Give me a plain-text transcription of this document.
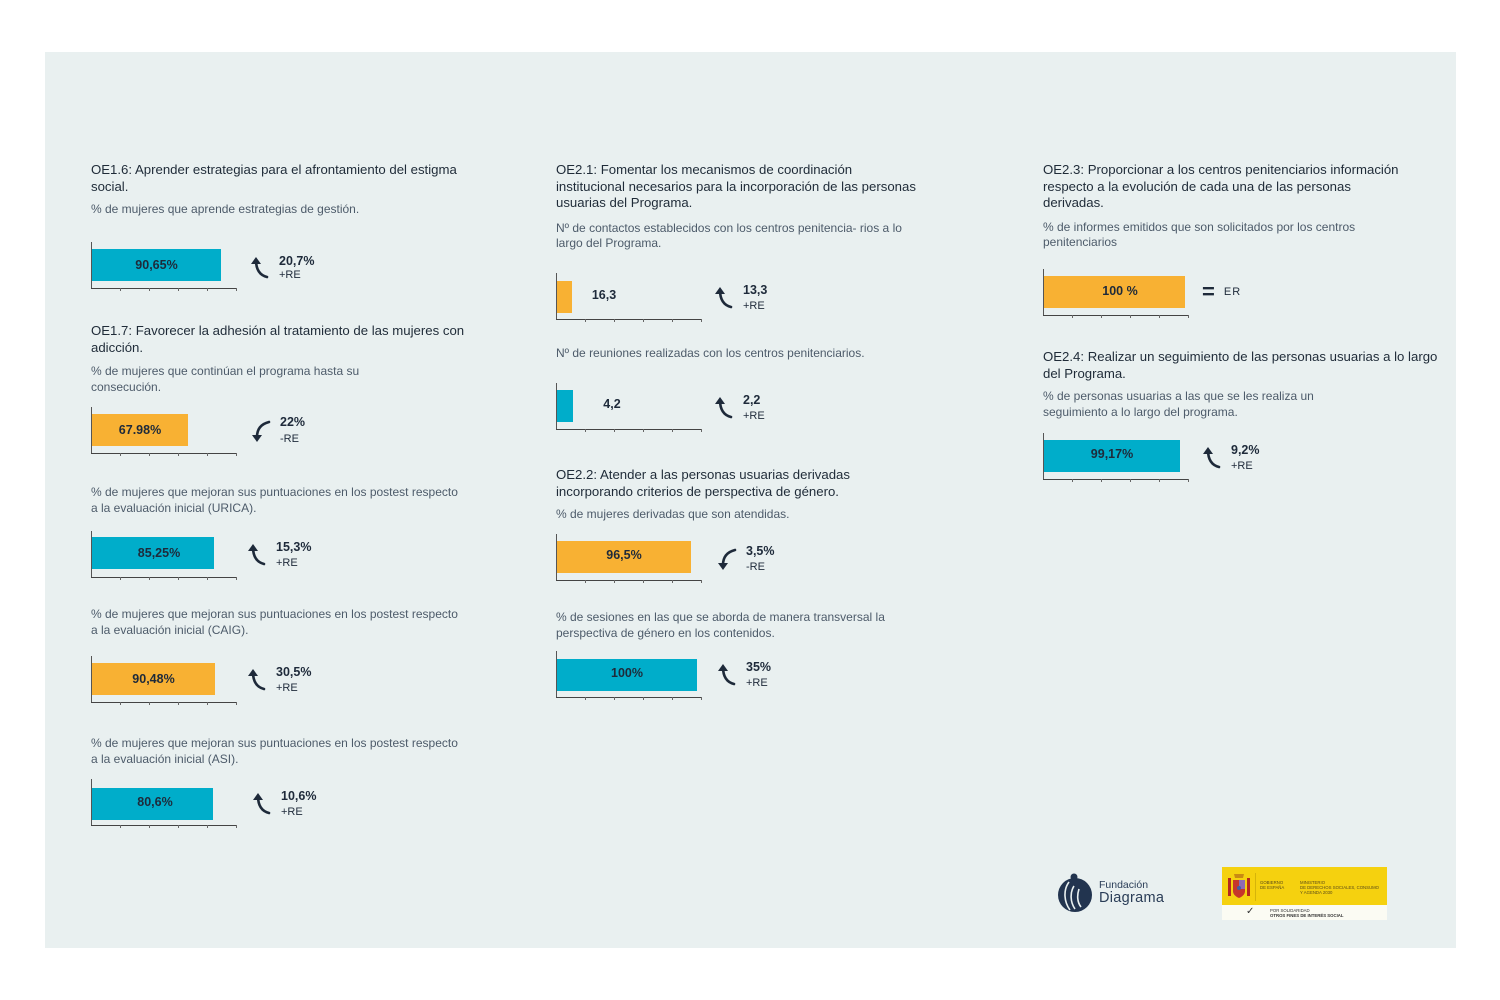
OE1.6: Aprender estrategias para el afrontamiento del estigma social.
% de mujeres que aprende estrategias de gestión.
90,65%	20,7%
+RE
OE1.7: Favorecer la adhesión al tratamiento de las mujeres con adicción.
% de mujeres que continúan el programa hasta su consecución.
67.98%
22%
-RE
% de mujeres que mejoran sus puntuaciones en los postest respecto a la evaluación inicial (URICA).
85,25%	15,3%
+RE
% de mujeres que mejoran sus puntuaciones en los postest respecto a la evaluación inicial (CAIG).
90,48%	30,5%
+RE
% de mujeres que mejoran sus puntuaciones en los postest respecto a la evaluación inicial (ASI).
80,6%	10,6%
+RE
OE2.1: Fomentar los mecanismos de coordinación institucional necesarios para la incorporación de las personas usuarias del Programa.
Nº de contactos establecidos con los centros penitencia- rios a lo largo del Programa.
16,3	13,3
+RE
Nº de reuniones realizadas con los centros penitenciarios.
4,2	2,2
+RE
OE2.2: Atender a las personas usuarias derivadas incorporando criterios de perspectiva de género.
% de mujeres derivadas que son atendidas.
96,5%	3,5%
-RE
% de sesiones en las que se aborda de manera transversal la perspectiva de género en los contenidos.
100%	35%
+RE
OE2.3: Proporcionar a los centros penitenciarios información respecto a la evolución de cada una de las personas derivadas.
% de informes emitidos que son solicitados por los centros penitenciarios
100 %	= ER
OE2.4: Realizar un seguimiento de las personas usuarias a lo largo del Programa.
% de personas usuarias a las que se les realiza un seguimiento a lo largo del programa.
99,17%	9,2%
+RE
Fundación
Diagrama
GOBIERNO
DE ESPAÑA
MINISTERIO
DE DERECHOS SOCIALES, CONSUMO
Y AGENDA 2030
✓	POR SOLIDARIDAD
OTROS FINES DE INTERÉS SOCIAL
